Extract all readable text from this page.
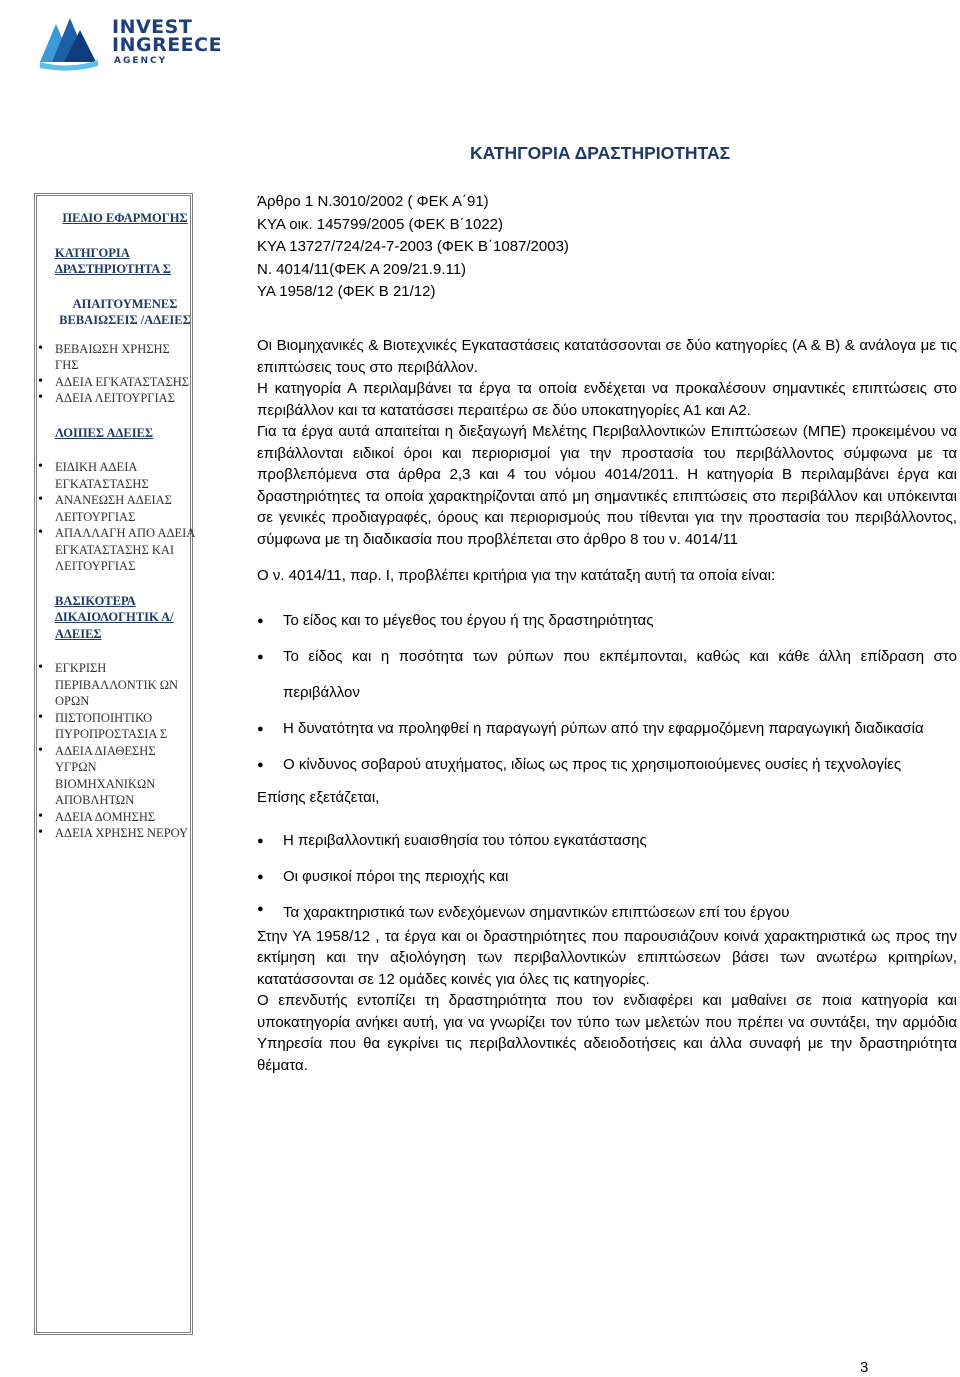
INVEST
INGREECE
AGENCY
ΚΑΤΗΓΟΡΙΑ ΔΡΑΣΤΗΡΙΟΤΗΤΑΣ
ΠΕΔΙΟ ΕΦΑΡΜΟΓΗΣ
ΚΑΤΗΓΟΡΙΑ ΔΡΑΣΤΗΡΙΟΤΗΤΑ Σ
ΑΠΑΙΤΟΥΜΕΝΕΣ ΒΕΒΑΙΩΣΕΙΣ /ΑΔΕΙΕΣ
• ΒΕΒΑΙΩΣΗ ΧΡΗΣΗΣ ΓΗΣ
• ΑΔΕΙΑ ΕΓΚΑΤΑΣΤΑΣΗΣ
• ΑΔΕΙΑ ΛΕΙΤΟΥΡΓΙΑΣ
ΛΟΙΠΕΣ ΑΔΕΙΕΣ
• ΕΙΔΙΚΗ ΑΔΕΙΑ ΕΓΚΑΤΑΣΤΑΣΗΣ
• ΑΝΑΝΕΩΣΗ ΑΔΕΙΑΣ ΛΕΙΤΟΥΡΓΙΑΣ
• ΑΠΑΛΛΑΓΗ ΑΠΟ ΑΔΕΙΑ ΕΓΚΑΤΑΣΤΑΣΗΣ ΚΑΙ ΛΕΙΤΟΥΡΓΙΑΣ
ΒΑΣΙΚΟΤΕΡΑ ΔΙΚΑΙΟΛΟΓΗΤΙΚ Α/ΑΔΕΙΕΣ
• ΕΓΚΡΙΣΗ ΠΕΡΙΒΑΛΛΟΝΤΙΚ ΩΝ ΟΡΩΝ
• ΠΙΣΤΟΠΟΙΗΤΙΚΟ ΠΥΡΟΠΡΟΣΤΑΣΙΑ Σ
• ΑΔΕΙΑ ΔΙΑΘΕΣΗΣ ΥΓΡΩΝ ΒΙΟΜΗΧΑΝΙΚΩΝ ΑΠΟΒΛΗΤΩΝ
• ΑΔΕΙΑ ΔΟΜΗΣΗΣ
• ΑΔΕΙΑ ΧΡΗΣΗΣ ΝΕΡΟΥ
Άρθρο 1 Ν.3010/2002 ( ΦΕΚ Α΄91)
ΚΥΑ οικ. 145799/2005 (ΦΕΚ Β΄1022)
ΚΥΑ 13727/724/24-7-2003 (ΦΕΚ Β΄1087/2003)
Ν. 4014/11(ΦΕΚ Α 209/21.9.11)
ΥΑ 1958/12 (ΦΕΚ Β 21/12)

Οι Βιομηχανικές & Βιοτεχνικές Εγκαταστάσεις κατατάσσονται σε δύο κατηγορίες (Α & Β) & ανάλογα με τις επιπτώσεις τους στο περιβάλλον.

Η κατηγορία Α περιλαμβάνει τα έργα τα οποία ενδέχεται να προκαλέσουν σημαντικές επιπτώσεις στο περιβάλλον και τα κατατάσσει περαιτέρω σε δύο υποκατηγορίες Α1 και Α2.

Για τα έργα αυτά απαιτείται η διεξαγωγή Μελέτης Περιβαλλοντικών Επιπτώσεων (ΜΠΕ) προκειμένου να επιβάλλονται ειδικοί όροι και περιορισμοί για την προστασία του περιβάλλοντος σύμφωνα με τα προβλεπόμενα στα άρθρα 2,3 και 4 του νόμου 4014/2011. Η κατηγορία Β περιλαμβάνει έργα και δραστηριότητες τα οποία χαρακτηρίζονται από μη σημαντικές επιπτώσεις στο περιβάλλον και υπόκεινται σε γενικές προδιαγραφές, όρους και περιορισμούς που τίθενται για την προστασία του περιβάλλοντος, σύμφωνα με τη διαδικασία που προβλέπεται στο άρθρο 8 του ν. 4014/11

Ο ν. 4014/11, παρ. Ι, προβλέπει κριτήρια για την κατάταξη αυτή τα οποία είναι:

● Το είδος και το μέγεθος του έργου ή της δραστηριότητας
● Το είδος και η ποσότητα των ρύπων που εκπέμπονται, καθώς και κάθε άλλη επίδραση στο περιβάλλον
● Η δυνατότητα να προληφθεί η παραγωγή ρύπων από την εφαρμοζόμενη παραγωγική διαδικασία
● Ο κίνδυνος σοβαρού ατυχήματος, ιδίως ως προς τις χρησιμοποιούμενες ουσίες ή τεχνολογίες

Επίσης εξετάζεται,

● Η περιβαλλοντική ευαισθησία του τόπου εγκατάστασης
● Οι φυσικοί πόροι της περιοχής και
● Τα χαρακτηριστικά των ενδεχόμενων σημαντικών επιπτώσεων επί του έργου

Στην ΥΑ 1958/12 , τα έργα και οι δραστηριότητες που παρουσιάζουν κοινά χαρακτηριστικά ως προς την εκτίμηση και την αξιολόγηση των περιβαλλοντικών επιπτώσεων βάσει των ανωτέρω κριτηρίων, κατατάσσονται σε 12 ομάδες κοινές για όλες τις κατηγορίες.

Ο επενδυτής εντοπίζει τη δραστηριότητα που τον ενδιαφέρει και μαθαίνει σε ποια κατηγορία και υποκατηγορία ανήκει αυτή, για να γνωρίζει τον τύπο των μελετών που πρέπει να συντάξει, την αρμόδια Υπηρεσία που θα εγκρίνει τις περιβαλλοντικές αδειοδοτήσεις και άλλα συναφή με την δραστηριότητα θέματα.

3
